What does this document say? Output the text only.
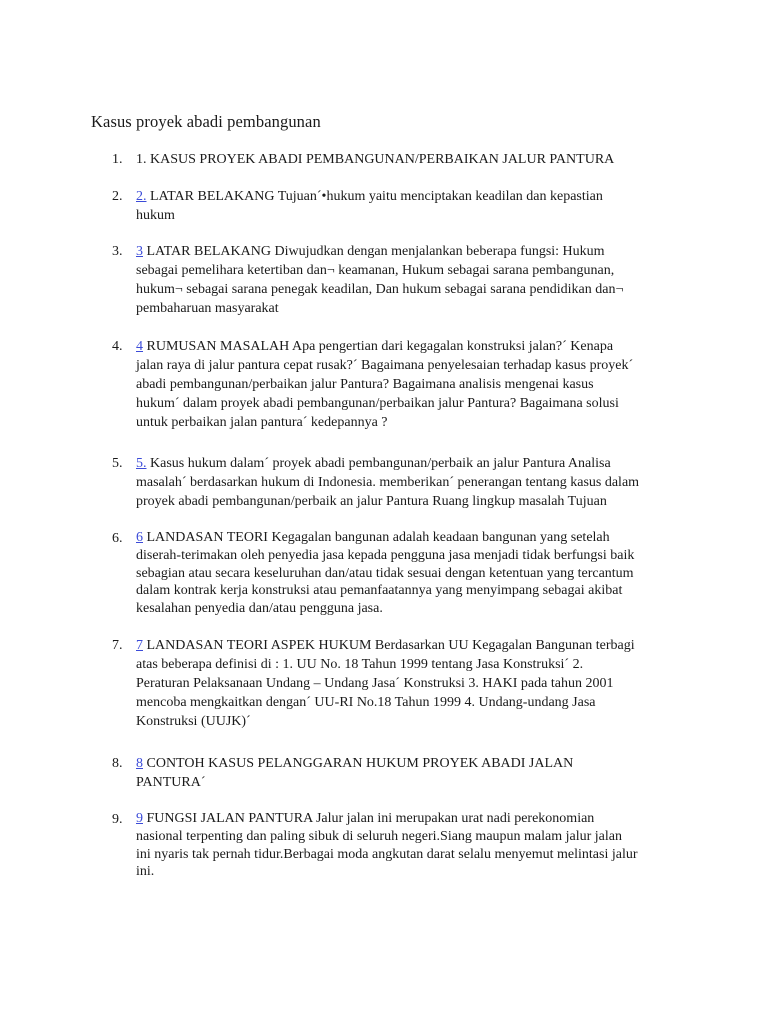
Kasus proyek abadi pembangunan
1. 1. KASUS PROYEK ABADI PEMBANGUNAN/PERBAIKAN JALUR PANTURA
2. 2. LATAR BELAKANG Tujuan´•hukum yaitu menciptakan keadilan dan kepastian
hukum
3. 3 LATAR BELAKANG Diwujudkan dengan menjalankan beberapa fungsi: Hukum
sebagai pemelihara ketertiban dan¬ keamanan, Hukum sebagai sarana pembangunan,
hukum¬ sebagai sarana penegak keadilan, Dan hukum sebagai sarana pendidikan dan¬
pembaharuan masyarakat
4. 4 RUMUSAN MASALAH Apa pengertian dari kegagalan konstruksi jalan?´ Kenapa
jalan raya di jalur pantura cepat rusak?´ Bagaimana penyelesaian terhadap kasus proyek´
abadi pembangunan/perbaikan jalur Pantura? Bagaimana analisis mengenai kasus
hukum´ dalam proyek abadi pembangunan/perbaikan jalur Pantura? Bagaimana solusi
untuk perbaikan jalan pantura´ kedepannya ?
5. 5. Kasus hukum dalam´ proyek abadi pembangunan/perbaik an jalur Pantura Analisa
masalah´ berdasarkan hukum di Indonesia. memberikan´ penerangan tentang kasus dalam
proyek abadi pembangunan/perbaik an jalur Pantura Ruang lingkup masalah Tujuan
6. 6 LANDASAN TEORI Kegagalan bangunan adalah keadaan bangunan yang setelah
diserah-terimakan oleh penyedia jasa kepada pengguna jasa menjadi tidak berfungsi baik
sebagian atau secara keseluruhan dan/atau tidak sesuai dengan ketentuan yang tercantum
dalam kontrak kerja konstruksi atau pemanfaatannya yang menyimpang sebagai akibat
kesalahan penyedia dan/atau pengguna jasa.
7. 7 LANDASAN TEORI ASPEK HUKUM Berdasarkan UU Kegagalan Bangunan terbagi
atas beberapa definisi di : 1. UU No. 18 Tahun 1999 tentang Jasa Konstruksi´ 2.
Peraturan Pelaksanaan Undang – Undang Jasa´ Konstruksi 3. HAKI pada tahun 2001
mencoba mengkaitkan dengan´ UU-RI No.18 Tahun 1999 4. Undang-undang Jasa
Konstruksi (UUJK)´
8. 8 CONTOH KASUS PELANGGARAN HUKUM PROYEK ABADI JALAN
PANTURA´
9. 9 FUNGSI JALAN PANTURA Jalur jalan ini merupakan urat nadi perekonomian
nasional terpenting dan paling sibuk di seluruh negeri.Siang maupun malam jalur jalan
ini nyaris tak pernah tidur.Berbagai moda angkutan darat selalu menyemut melintasi jalur
ini.
